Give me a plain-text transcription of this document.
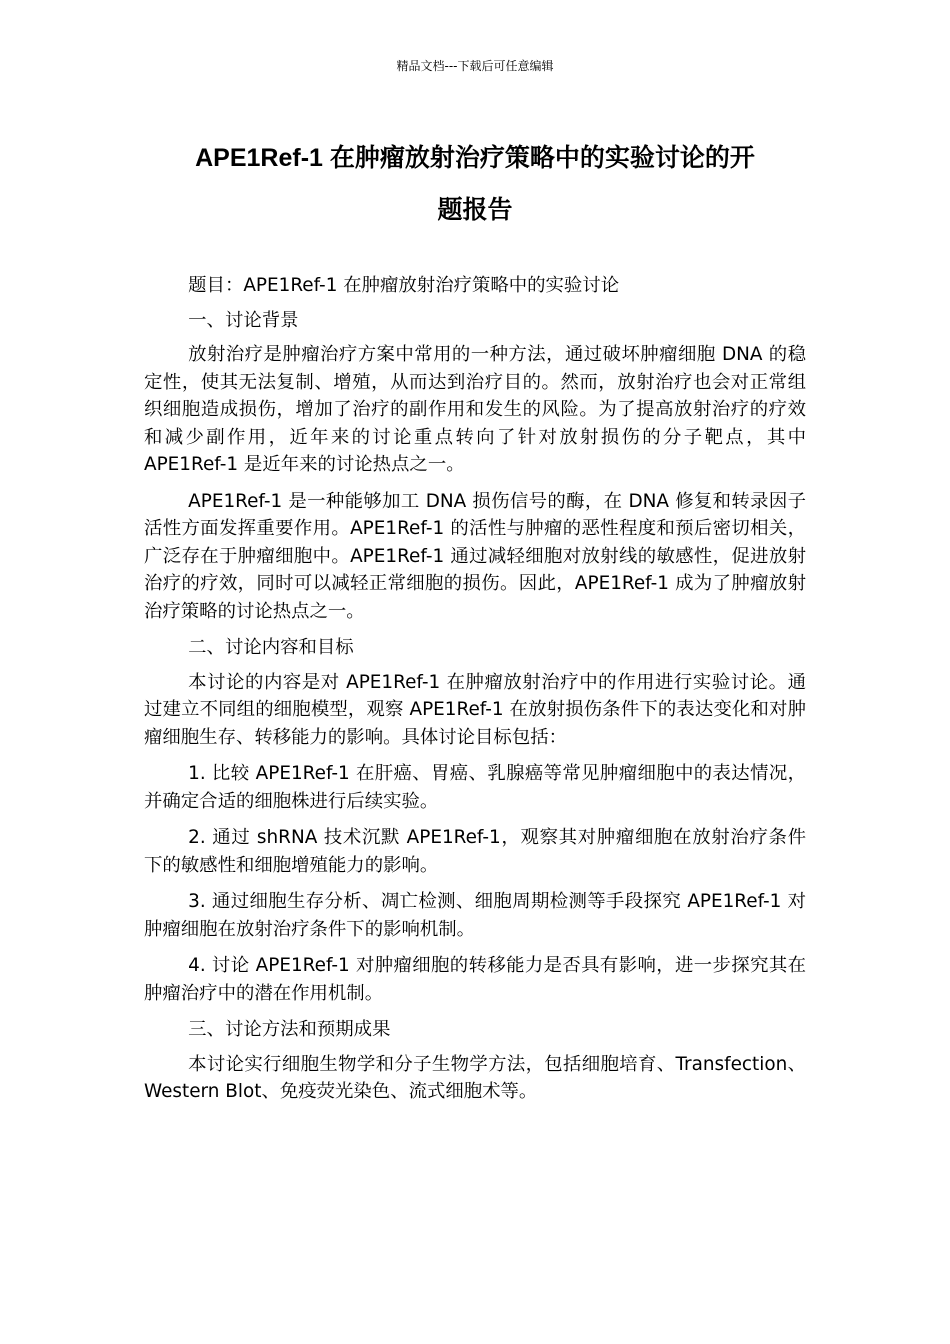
精品文档---下载后可任意编辑
APE1Ref-1 在肿瘤放射治疗策略中的实验讨论的开
题报告

题目：APE1Ref-1 在肿瘤放射治疗策略中的实验讨论

一、讨论背景

放射治疗是肿瘤治疗方案中常用的一种方法，通过破坏肿瘤细胞 DNA 的稳定性，使其无法复制、增殖，从而达到治疗目的。然而，放射治疗也会对正常组织细胞造成损伤，增加了治疗的副作用和发生的风险。为了提高放射治疗的疗效和减少副作用，近年来的讨论重点转向了针对放射损伤的分子靶点，其中 APE1Ref-1 是近年来的讨论热点之一。

APE1Ref-1 是一种能够加工 DNA 损伤信号的酶，在 DNA 修复和转录因子活性方面发挥重要作用。APE1Ref-1 的活性与肿瘤的恶性程度和预后密切相关，广泛存在于肿瘤细胞中。APE1Ref-1 通过减轻细胞对放射线的敏感性，促进放射治疗的疗效，同时可以减轻正常细胞的损伤。因此，APE1Ref-1 成为了肿瘤放射治疗策略的讨论热点之一。

二、讨论内容和目标

本讨论的内容是对 APE1Ref-1 在肿瘤放射治疗中的作用进行实验讨论。通过建立不同组的细胞模型，观察 APE1Ref-1 在放射损伤条件下的表达变化和对肿瘤细胞生存、转移能力的影响。具体讨论目标包括：

1. 比较 APE1Ref-1 在肝癌、胃癌、乳腺癌等常见肿瘤细胞中的表达情况，并确定合适的细胞株进行后续实验。

2. 通过 shRNA 技术沉默 APE1Ref-1，观察其对肿瘤细胞在放射治疗条件下的敏感性和细胞增殖能力的影响。

3. 通过细胞生存分析、凋亡检测、细胞周期检测等手段探究 APE1Ref-1 对肿瘤细胞在放射治疗条件下的影响机制。

4. 讨论 APE1Ref-1 对肿瘤细胞的转移能力是否具有影响，进一步探究其在肿瘤治疗中的潜在作用机制。

三、讨论方法和预期成果

本讨论实行细胞生物学和分子生物学方法，包括细胞培育、Transfection、Western Blot、免疫荧光染色、流式细胞术等。
